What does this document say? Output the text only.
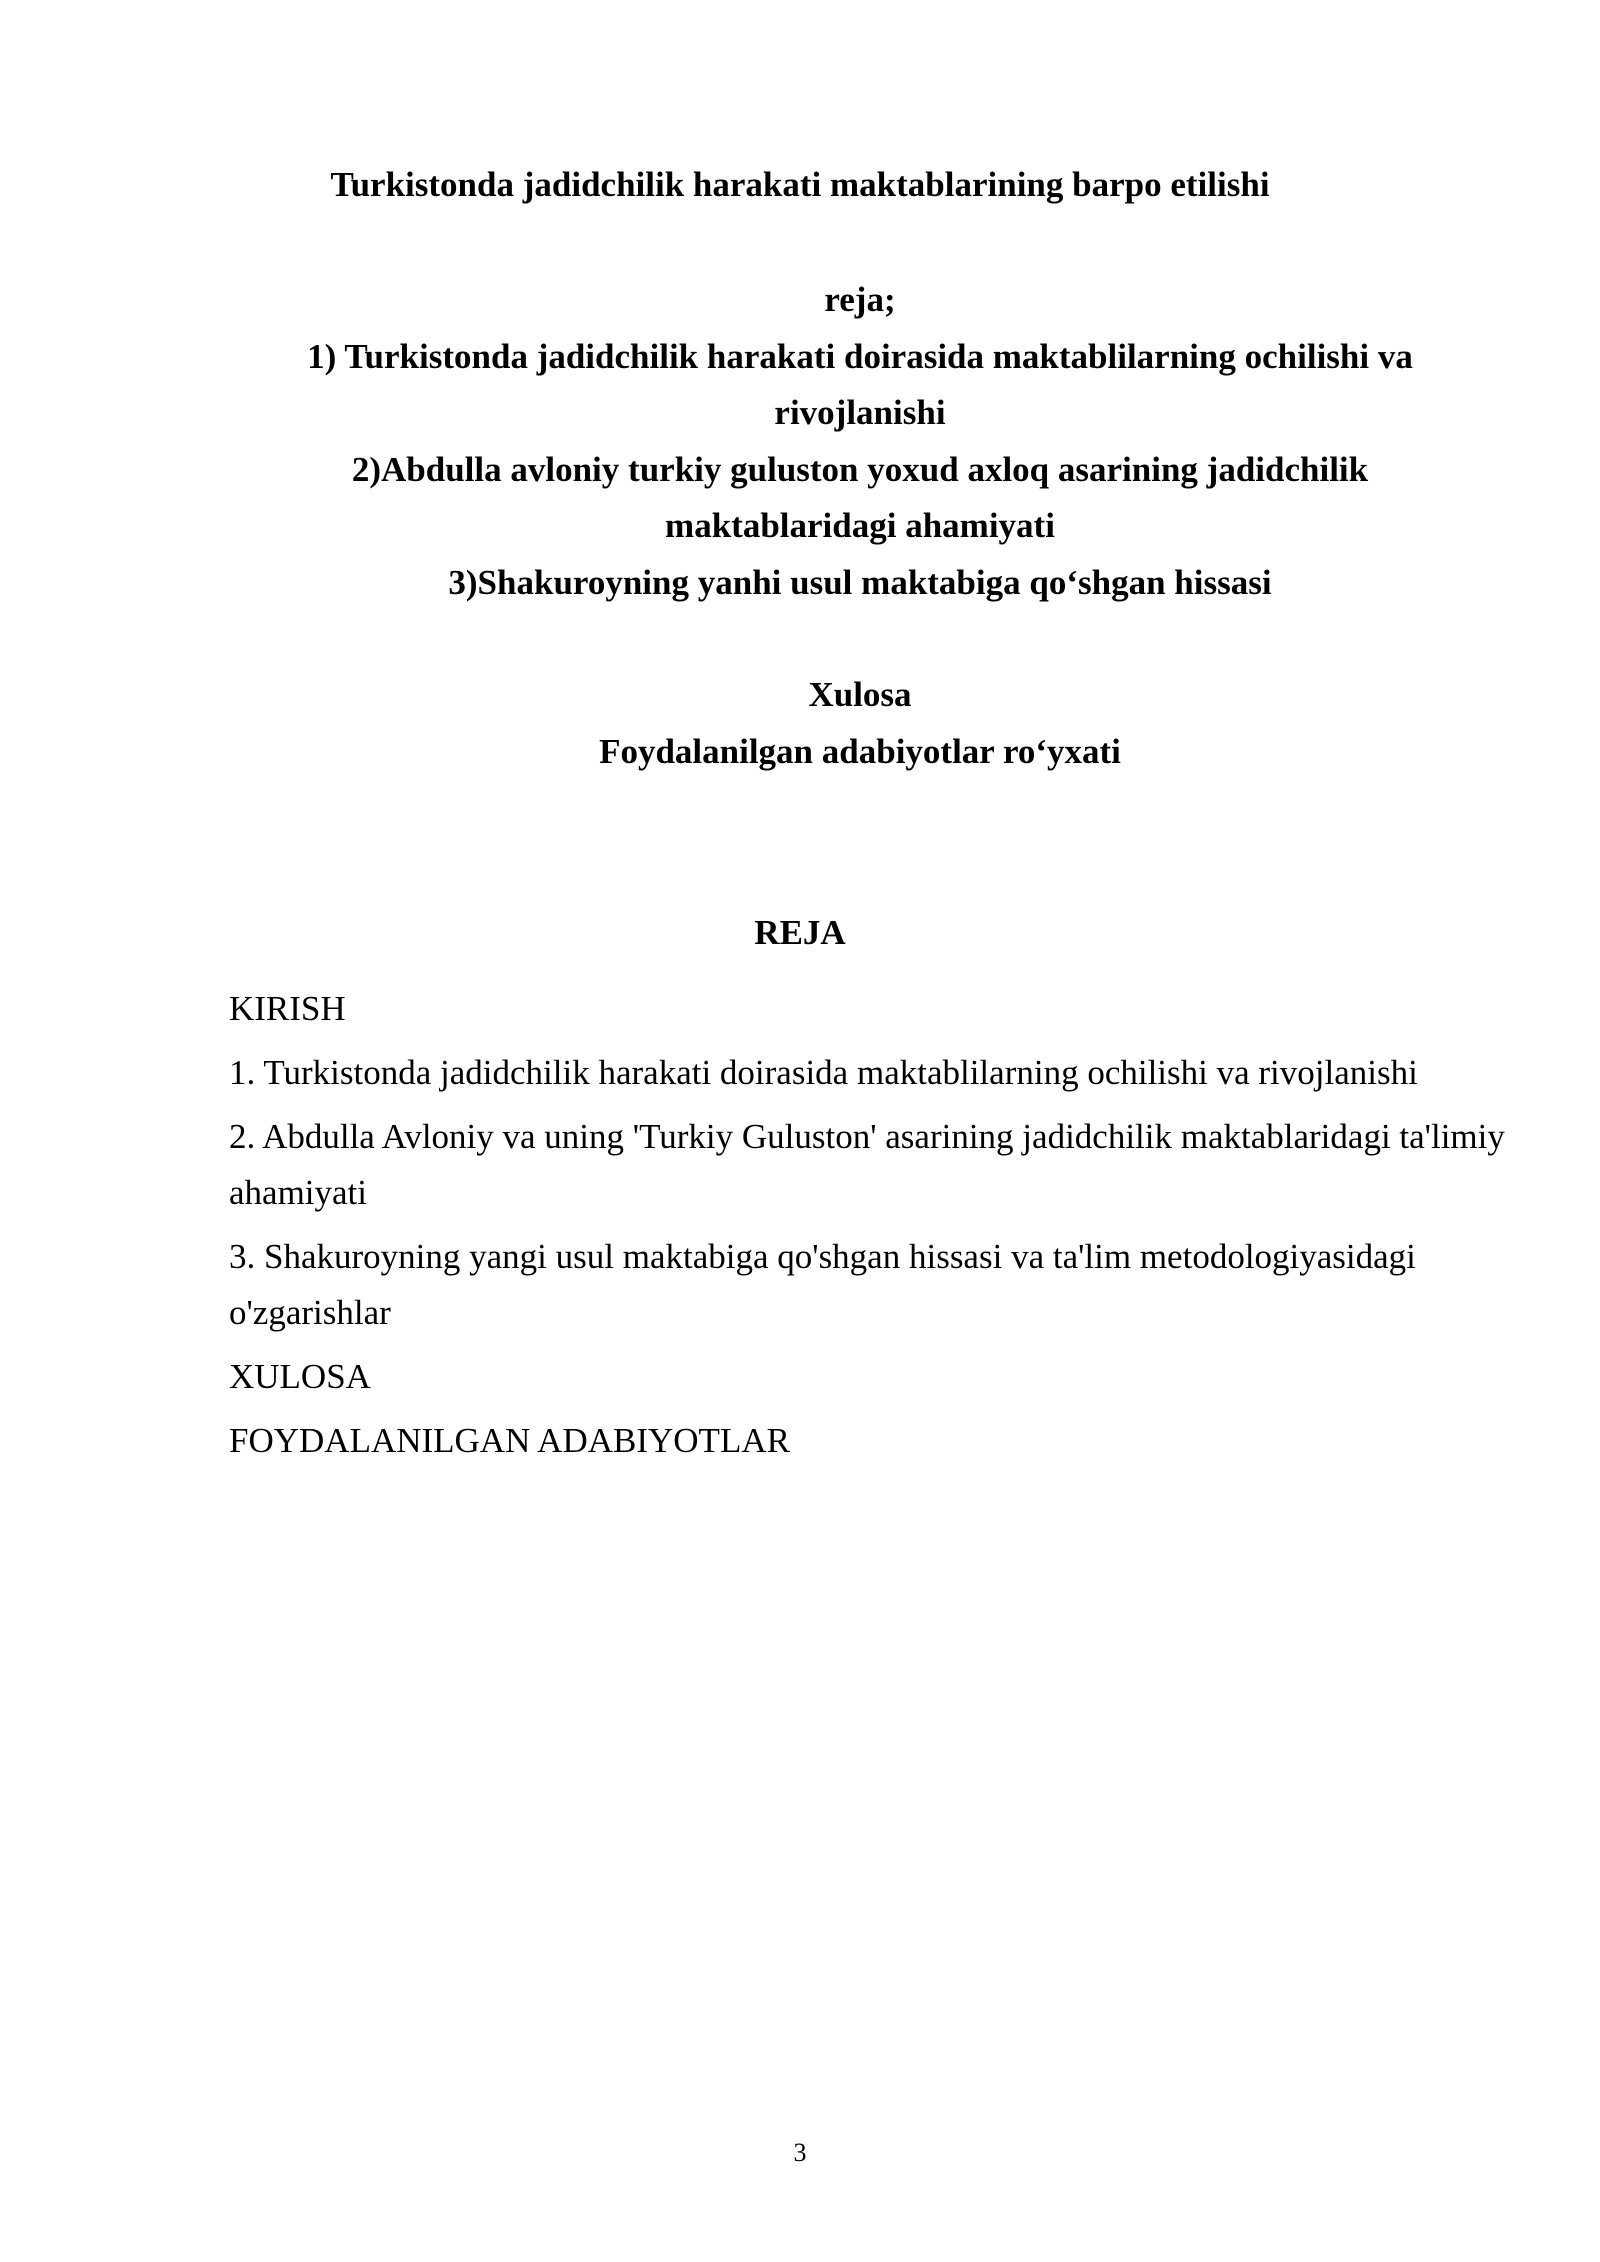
Turkistonda jadidchilik harakati maktablarining barpo etilishi
reja;
1) Turkistonda jadidchilik harakati doirasida maktablilarning ochilishi va rivojlanishi
2)Abdulla avloniy turkiy guluston yoxud axloq asarining jadidchilik maktablaridagi ahamiyati
3)Shakuroyning yanhi usul maktabiga qo‘shgan hissasi
Xulosa
Foydalanilgan adabiyotlar ro‘yxati
REJA
KIRISH
1. Turkistonda jadidchilik harakati doirasida maktablilarning ochilishi va rivojlanishi
2. Abdulla Avloniy va uning 'Turkiy Guluston' asarining jadidchilik maktablaridagi ta'limiy ahamiyati
3. Shakuroyning yangi usul maktabiga qo'shgan hissasi va ta'lim metodologiyasidagi o'zgarishlar
XULOSA
FOYDALANILGAN ADABIYOTLAR
3
